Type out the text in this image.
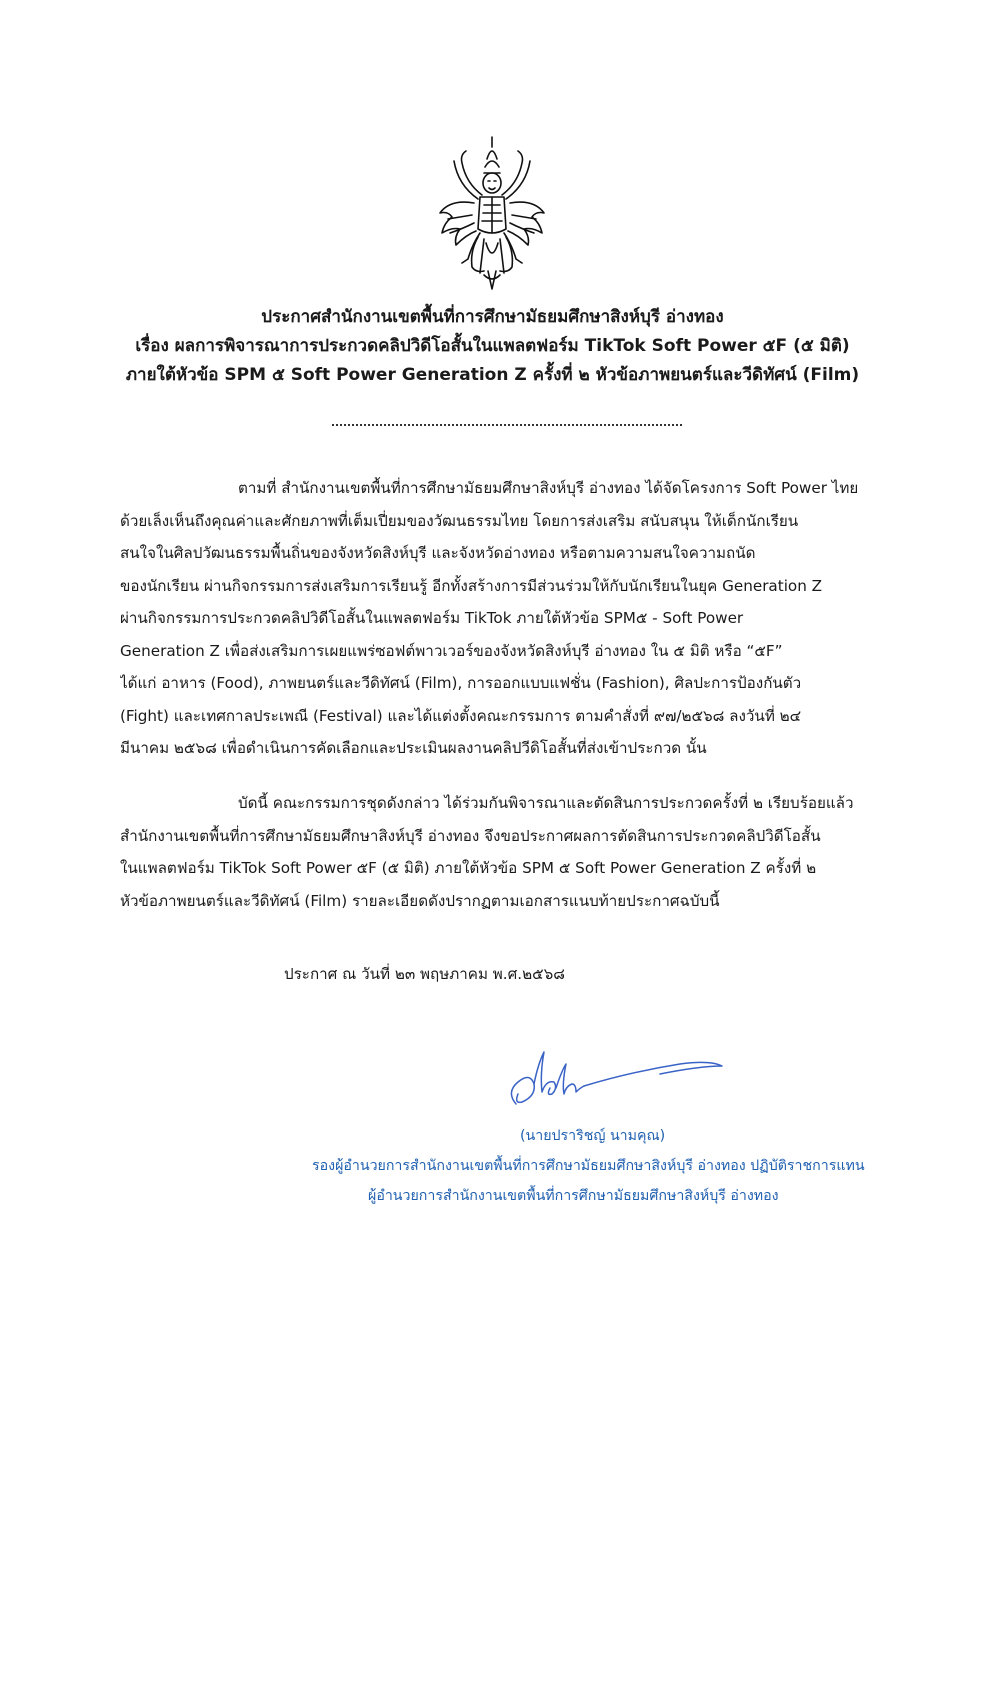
ประกาศสำนักงานเขตพื้นที่การศึกษามัธยมศึกษาสิงห์บุรี อ่างทอง
เรื่อง ผลการพิจารณาการประกวดคลิปวิดีโอสั้นในแพลตฟอร์ม TikTok Soft Power ๕F (๕ มิติ)
ภายใต้หัวข้อ SPM ๕ Soft Power Generation Z ครั้งที่ ๒ หัวข้อภาพยนตร์และวีดิทัศน์ (Film)
ตามที่ สำนักงานเขตพื้นที่การศึกษามัธยมศึกษาสิงห์บุรี อ่างทอง ได้จัดโครงการ Soft Power ไทย
ด้วยเล็งเห็นถึงคุณค่าและศักยภาพที่เต็มเปี่ยมของวัฒนธรรมไทย โดยการส่งเสริม สนับสนุน ให้เด็กนักเรียน
สนใจในศิลปวัฒนธรรมพื้นถิ่นของจังหวัดสิงห์บุรี และจังหวัดอ่างทอง หรือตามความสนใจความถนัด
ของนักเรียน ผ่านกิจกรรมการส่งเสริมการเรียนรู้ อีกทั้งสร้างการมีส่วนร่วมให้กับนักเรียนในยุค Generation Z
ผ่านกิจกรรมการประกวดคลิปวิดีโอสั้นในแพลตฟอร์ม TikTok ภายใต้หัวข้อ SPM๕ - Soft Power
Generation Z เพื่อส่งเสริมการเผยแพร่ซอฟต์พาวเวอร์ของจังหวัดสิงห์บุรี อ่างทอง ใน ๕ มิติ หรือ “๕F”
ได้แก่ อาหาร (Food), ภาพยนตร์และวีดิทัศน์ (Film), การออกแบบแฟชั่น (Fashion), ศิลปะการป้องกันตัว
(Fight) และเทศกาลประเพณี (Festival) และได้แต่งตั้งคณะกรรมการ ตามคำสั่งที่ ๙๗/๒๕๖๘ ลงวันที่ ๒๔
มีนาคม ๒๕๖๘ เพื่อดำเนินการคัดเลือกและประเมินผลงานคลิปวีดิโอสั้นที่ส่งเข้าประกวด นั้น
บัดนี้ คณะกรรมการชุดดังกล่าว ได้ร่วมกันพิจารณาและตัดสินการประกวดครั้งที่ ๒ เรียบร้อยแล้ว
สำนักงานเขตพื้นที่การศึกษามัธยมศึกษาสิงห์บุรี อ่างทอง จึงขอประกาศผลการตัดสินการประกวดคลิปวิดีโอสั้น
ในแพลตฟอร์ม TikTok Soft Power ๕F (๕ มิติ) ภายใต้หัวข้อ SPM ๕ Soft Power Generation Z ครั้งที่ ๒
หัวข้อภาพยนตร์และวีดิทัศน์ (Film) รายละเอียดดังปรากฏตามเอกสารแนบท้ายประกาศฉบับนี้
ประกาศ ณ วันที่ ๒๓ พฤษภาคม พ.ศ.๒๕๖๘
(นายปราริชญ์ นามคุณ)
รองผู้อำนวยการสำนักงานเขตพื้นที่การศึกษามัธยมศึกษาสิงห์บุรี อ่างทอง ปฏิบัติราชการแทน
ผู้อำนวยการสำนักงานเขตพื้นที่การศึกษามัธยมศึกษาสิงห์บุรี อ่างทอง
